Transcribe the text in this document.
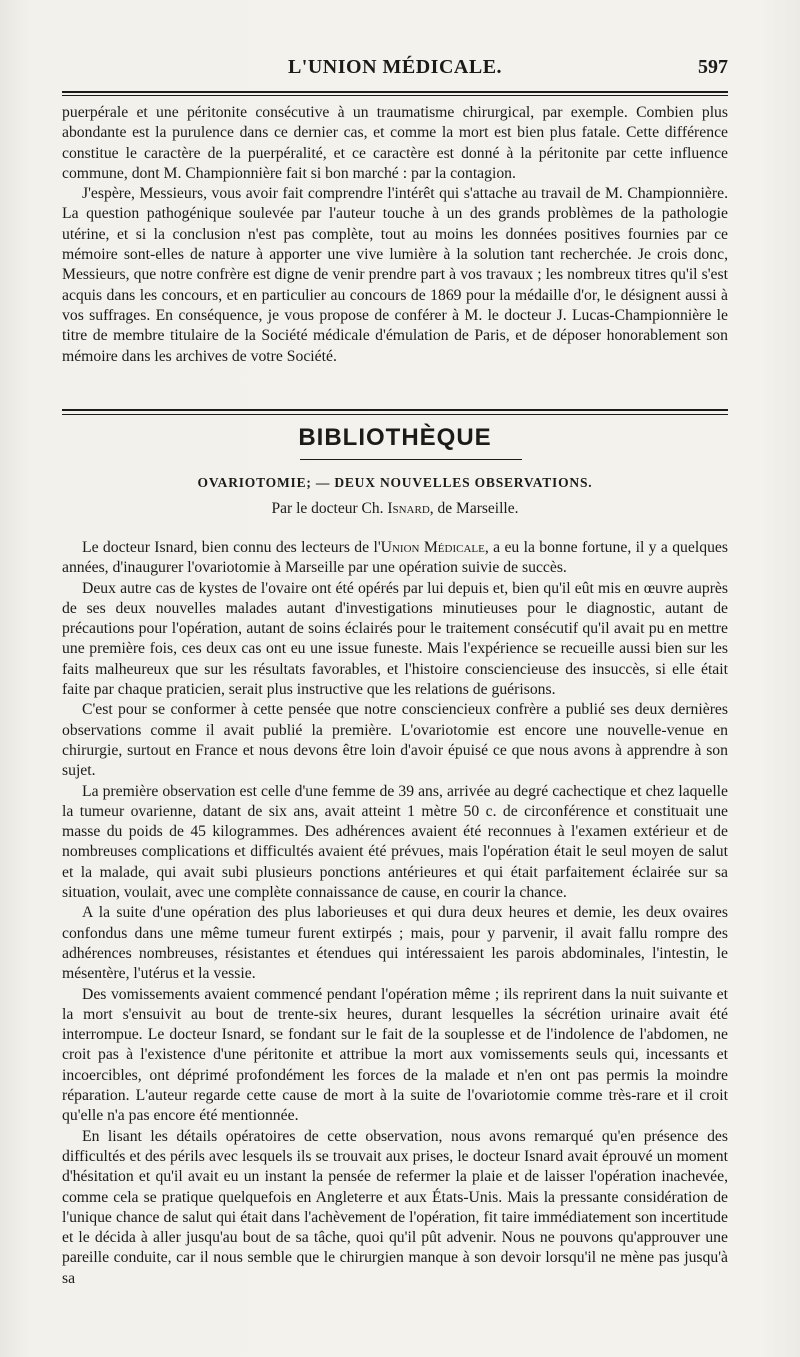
L'UNION MÉDICALE.	597

puerpérale et une péritonite consécutive à un traumatisme chirurgical, par exemple. Combien plus abondante est la purulence dans ce dernier cas, et comme la mort est bien plus fatale. Cette différence constitue le caractère de la puerpéralité, et ce caractère est donné à la péritonite par cette influence commune, dont M. Championnière fait si bon marché : par la contagion.

J'espère, Messieurs, vous avoir fait comprendre l'intérêt qui s'attache au travail de M. Championnière. La question pathogénique soulevée par l'auteur touche à un des grands problèmes de la pathologie utérine, et si la conclusion n'est pas complète, tout au moins les données positives fournies par ce mémoire sont-elles de nature à apporter une vive lumière à la solution tant recherchée. Je crois donc, Messieurs, que notre confrère est digne de venir prendre part à vos travaux ; les nombreux titres qu'il s'est acquis dans les concours, et en particulier au concours de 1869 pour la médaille d'or, le désignent aussi à vos suffrages. En conséquence, je vous propose de conférer à M. le docteur J. Lucas-Championnière le titre de membre titulaire de la Société médicale d'émulation de Paris, et de déposer honorablement son mémoire dans les archives de votre Société.

BIBLIOTHÈQUE
OVARIOTOMIE; — DEUX NOUVELLES OBSERVATIONS.
Par le docteur Ch. Isnard, de Marseille.

Le docteur Isnard, bien connu des lecteurs de l'Union Médicale, a eu la bonne fortune, il y a quelques années, d'inaugurer l'ovariotomie à Marseille par une opération suivie de succès.

Deux autre cas de kystes de l'ovaire ont été opérés par lui depuis et, bien qu'il eût mis en œuvre auprès de ses deux nouvelles malades autant d'investigations minutieuses pour le diagnostic, autant de précautions pour l'opération, autant de soins éclairés pour le traitement consécutif qu'il avait pu en mettre une première fois, ces deux cas ont eu une issue funeste. Mais l'expérience se recueille aussi bien sur les faits malheureux que sur les résultats favorables, et l'histoire consciencieuse des insuccès, si elle était faite par chaque praticien, serait plus instructive que les relations de guérisons.

C'est pour se conformer à cette pensée que notre consciencieux confrère a publié ses deux dernières observations comme il avait publié la première. L'ovariotomie est encore une nouvelle-venue en chirurgie, surtout en France et nous devons être loin d'avoir épuisé ce que nous avons à apprendre à son sujet.

La première observation est celle d'une femme de 39 ans, arrivée au degré cachectique et chez laquelle la tumeur ovarienne, datant de six ans, avait atteint 1 mètre 50 c. de circonférence et constituait une masse du poids de 45 kilogrammes. Des adhérences avaient été reconnues à l'examen extérieur et de nombreuses complications et difficultés avaient été prévues, mais l'opération était le seul moyen de salut et la malade, qui avait subi plusieurs ponctions antérieures et qui était parfaitement éclairée sur sa situation, voulait, avec une complète connaissance de cause, en courir la chance.

A la suite d'une opération des plus laborieuses et qui dura deux heures et demie, les deux ovaires confondus dans une même tumeur furent extirpés ; mais, pour y parvenir, il avait fallu rompre des adhérences nombreuses, résistantes et étendues qui intéressaient les parois abdominales, l'intestin, le mésentère, l'utérus et la vessie.

Des vomissements avaient commencé pendant l'opération même ; ils reprirent dans la nuit suivante et la mort s'ensuivit au bout de trente-six heures, durant lesquelles la sécrétion urinaire avait été interrompue. Le docteur Isnard, se fondant sur le fait de la souplesse et de l'indolence de l'abdomen, ne croit pas à l'existence d'une péritonite et attribue la mort aux vomissements seuls qui, incessants et incoercibles, ont déprimé profondément les forces de la malade et n'en ont pas permis la moindre réparation. L'auteur regarde cette cause de mort à la suite de l'ovariotomie comme très-rare et il croit qu'elle n'a pas encore été mentionnée.

En lisant les détails opératoires de cette observation, nous avons remarqué qu'en présence des difficultés et des périls avec lesquels ils se trouvait aux prises, le docteur Isnard avait éprouvé un moment d'hésitation et qu'il avait eu un instant la pensée de refermer la plaie et de laisser l'opération inachevée, comme cela se pratique quelquefois en Angleterre et aux États-Unis. Mais la pressante considération de l'unique chance de salut qui était dans l'achèvement de l'opération, fit taire immédiatement son incertitude et le décida à aller jusqu'au bout de sa tâche, quoi qu'il pût advenir. Nous ne pouvons qu'approuver une pareille conduite, car il nous semble que le chirurgien manque à son devoir lorsqu'il ne mène pas jusqu'à sa
